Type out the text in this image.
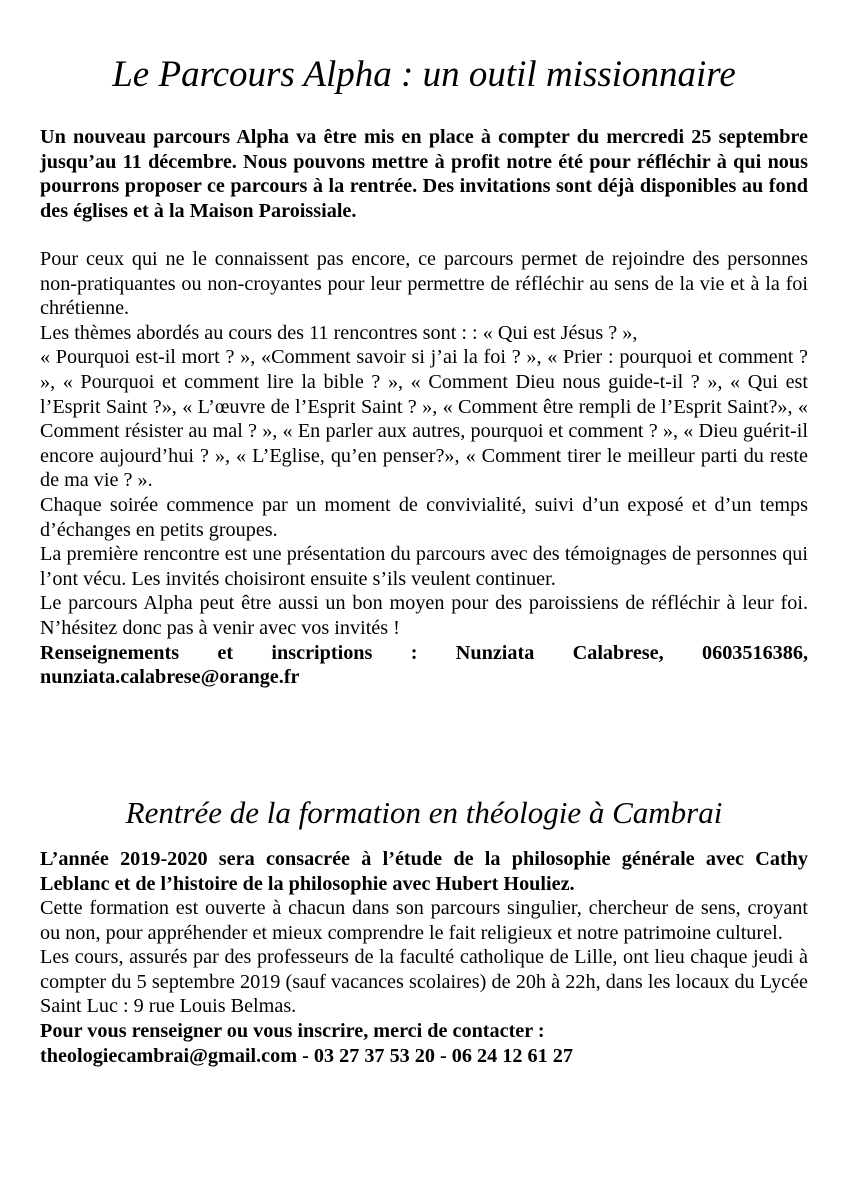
Le Parcours Alpha : un outil missionnaire

Un nouveau parcours Alpha va être mis en place à compter du mercredi 25 septembre jusqu’au 11 décembre. Nous pouvons mettre à profit notre été pour réfléchir à qui nous pourrons proposer ce parcours à la rentrée. Des invitations sont déjà disponibles au fond des églises et à la Maison Paroissiale.

Pour ceux qui ne le connaissent pas encore, ce parcours permet de rejoindre des personnes non-pratiquantes ou non-croyantes pour leur permettre de réfléchir au sens de la vie et à la foi chrétienne.

Les thèmes abordés au cours des 11 rencontres sont : : « Qui est Jésus ? »,

« Pourquoi est-il mort ? », «Comment savoir si j’ai la foi ? », « Prier : pourquoi et comment ? », « Pourquoi et comment lire la bible ? », « Comment Dieu nous guide-t-il ? », « Qui est l’Esprit Saint ?», « L’œuvre de l’Esprit Saint ? », « Comment être rempli de l’Esprit Saint?», « Comment résister au mal ? », « En parler aux autres, pourquoi et comment ? », « Dieu guérit-il encore aujourd’hui ? », « L’Eglise, qu’en penser?», « Comment tirer le meilleur parti du reste de ma vie ? ».

Chaque soirée commence par un moment de convivialité, suivi d’un exposé et d’un temps d’échanges en petits groupes.

La première rencontre est une présentation du parcours avec des témoignages de personnes qui l’ont vécu. Les invités choisiront ensuite s’ils veulent continuer.

Le parcours Alpha peut être aussi un bon moyen pour des paroissiens de réfléchir à leur foi. N’hésitez donc pas à venir avec vos invités !

Renseignements et inscriptions : Nunziata Calabrese, 0603516386,

nunziata.calabrese@orange.fr

Rentrée de la formation en théologie à Cambrai

L’année 2019-2020 sera consacrée à l’étude de la philosophie générale avec Cathy Leblanc et de l’histoire de la philosophie avec Hubert Houliez.

Cette formation est ouverte à chacun dans son parcours singulier, chercheur de sens, croyant ou non, pour appréhender et mieux comprendre le fait religieux et notre patrimoine culturel.

Les cours, assurés par des professeurs de la faculté catholique de Lille, ont lieu chaque jeudi à compter du 5 septembre 2019 (sauf vacances scolaires) de 20h à 22h, dans les locaux du Lycée Saint Luc : 9 rue Louis Belmas.

Pour vous renseigner ou vous inscrire, merci de contacter :

theologiecambrai@gmail.com - 03 27 37 53 20 - 06 24 12 61 27
